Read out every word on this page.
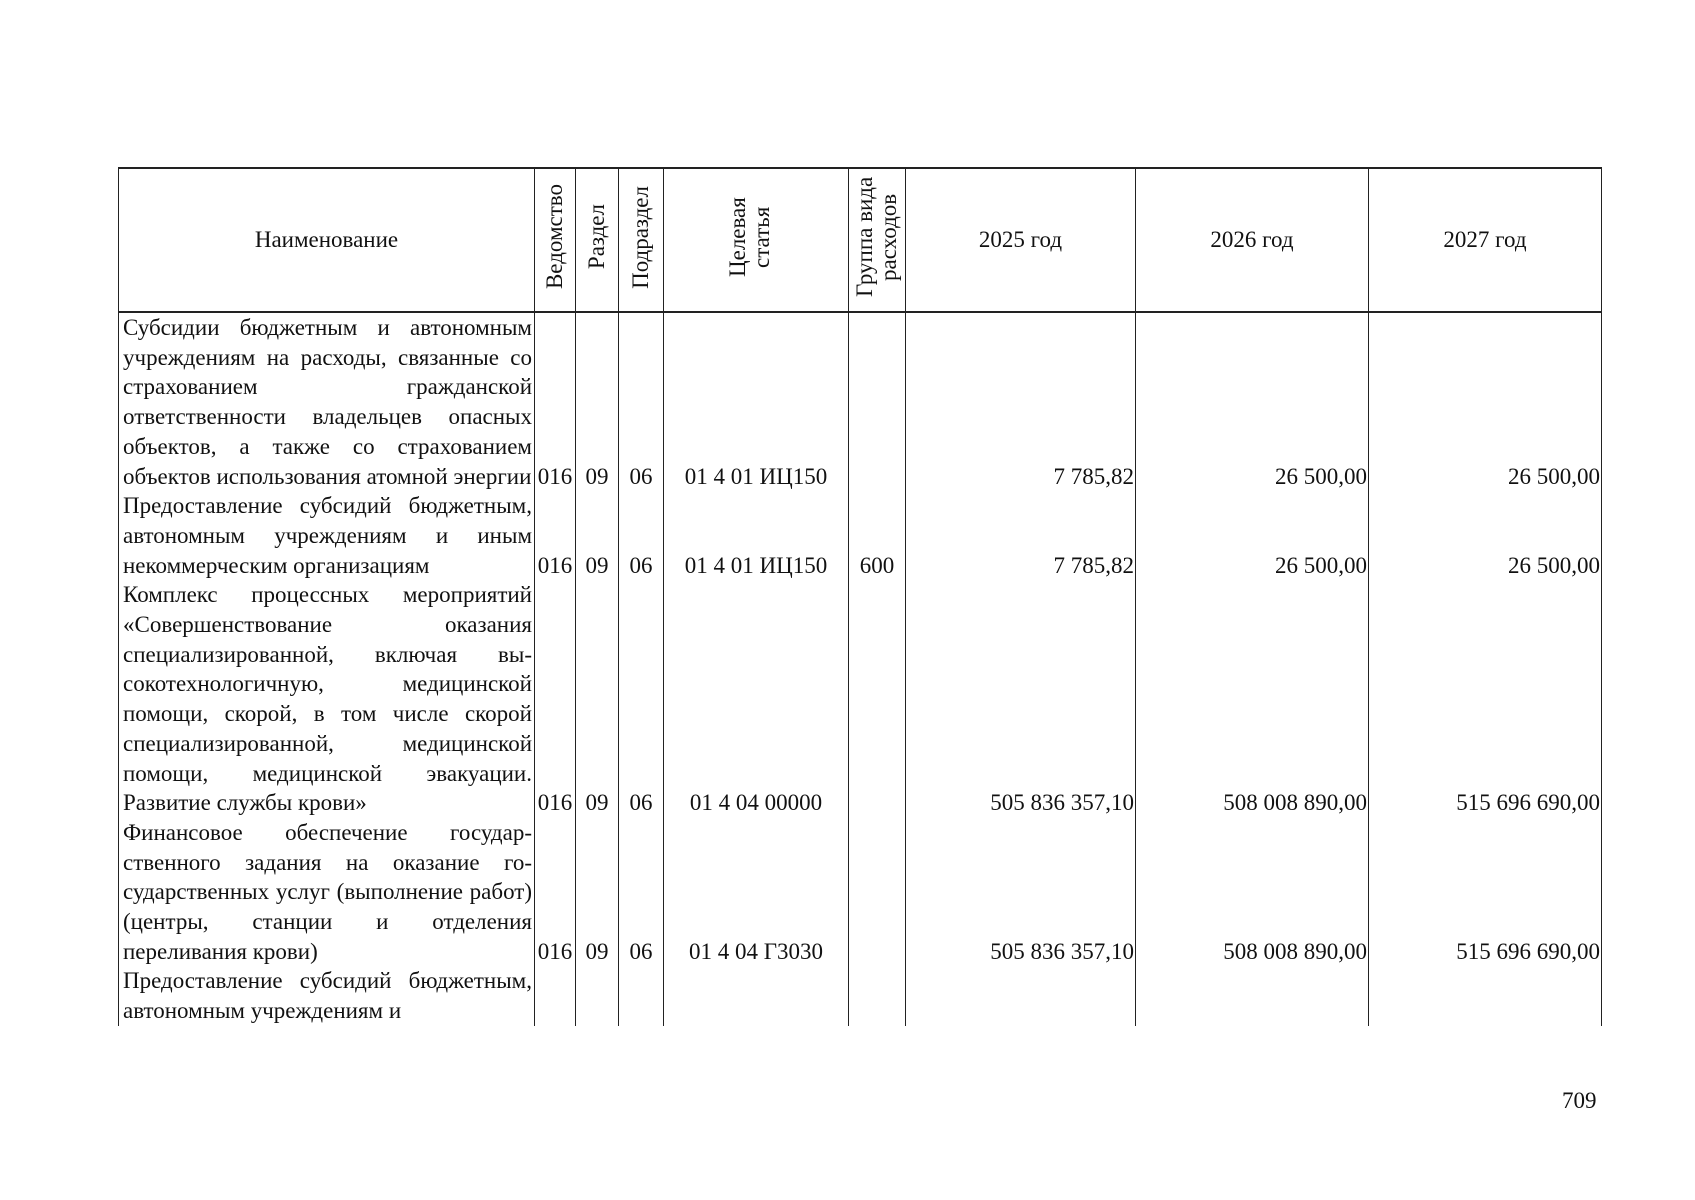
Наименование	Ведомство	Раздел	Подраздел	Целевая статья	Группа вида расходов	2025 год	2026 год	2027 год
Субсидии бюджетным и автономным учреждениям на расходы, связанные со страхованием гражданской ответственности владельцев опасных объектов, а также со страхованием объектов использования атомной энергии	016	09	06	01 4 01 ИЦ150		7 785,82	26 500,00	26 500,00
Предоставление субсидий бюджетным, автономным учреждениям и иным некоммерческим организациям	016	09	06	01 4 01 ИЦ150	600	7 785,82	26 500,00	26 500,00
Комплекс процессных мероприятий «Совершенствование оказания специализированной, включая высокотехнологичную, медицинской помощи, скорой, в том числе скорой специализированной, медицинской помощи, медицинской эвакуации. Развитие службы крови»	016	09	06	01 4 04 00000		505 836 357,10	508 008 890,00	515 696 690,00
Финансовое обеспечение государственного задания на оказание государственных услуг (выполнение работ) (центры, станции и отделения переливания крови)	016	09	06	01 4 04 Г3030		505 836 357,10	508 008 890,00	515 696 690,00
Предоставление субсидий бюджетным, автономным учреждениям и								
709
